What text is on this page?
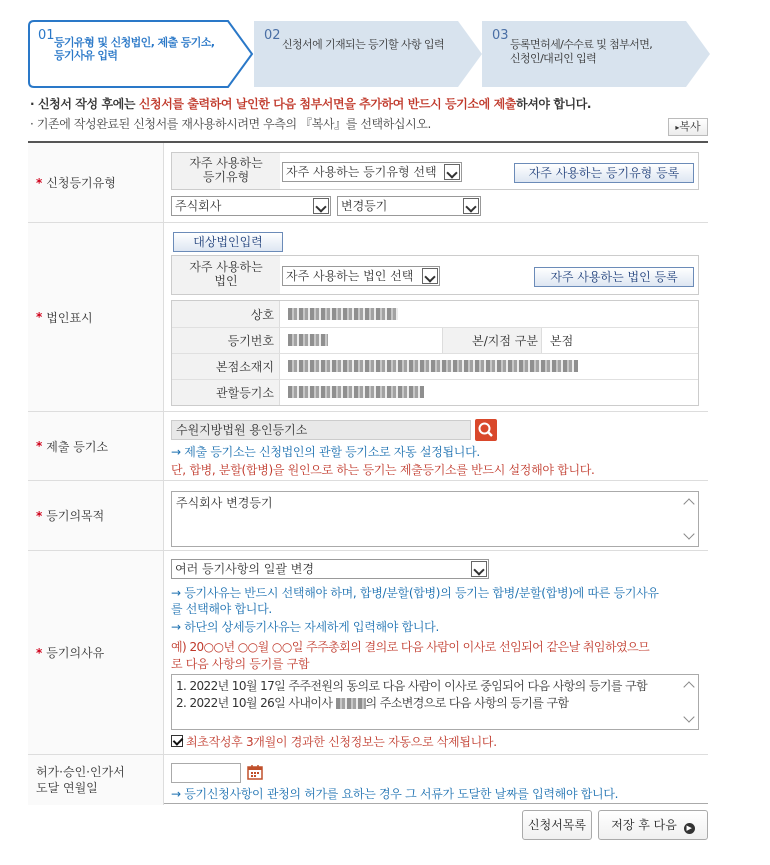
01 등기유형 및 신청법인, 제출 등기소,
등기사유 입력
02
신청서에 기재되는 등기할 사항 입력
03
등록면허세/수수료 및 첨부서면,
신청인/대리인 입력
· 신청서 작성 후에는 신청서를 출력하여 날인한 다음 첨부서면을 추가하여 반드시 등기소에 제출하셔야 합니다.
· 기존에 작성완료된 신청서를 재사용하시려면 우측의 『복사』를 선택하십시오.	▸복사
* 신청등기유형
자주 사용하는
등기유형	자주 사용하는 등기유형 선택	자주 사용하는 등기유형 등록
주식회사	변경등기
* 법인표시
대상법인입력
자주 사용하는
법인	자주 사용하는 법인 선택	자주 사용하는 법인 등록
상호
등기번호	본/지점 구분 본점
본점소재지
관할등기소
* 제출 등기소
수원지방법원 용인등기소
→ 제출 등기소는 신청법인의 관할 등기소로 자동 설정됩니다.
단, 합병, 분할(합병)을 원인으로 하는 등기는 제출등기소를 반드시 설정해야 합니다.
* 등기의목적
주식회사 변경등기
* 등기의사유
여러 등기사항의 일괄 변경
→ 등기사유는 반드시 선택해야 하며, 합병/분할(합병)의 등기는 합병/분할(합병)에 따른 등기사유
를 선택해야 합니다.
→ 하단의 상세등기사유는 자세하게 입력해야 합니다.
예) 20○○년 ○○월 ○○일 주주총회의 결의로 다음 사람이 이사로 선임되어 같은날 취임하였으므
로 다음 사항의 등기를 구함
1. 2022년 10월 17일 주주전원의 동의로 다음 사람이 이사로 중임되어 다음 사항의 등기를 구함
2. 2022년 10월 26일 사내이사	의 주소변경으로 다음 사항의 등기를 구함
최초작성후 3개월이 경과한 신청정보는 자동으로 삭제됩니다.
허가·승인·인가서
도달 연월일	→ 등기신청사항이 관청의 허가를 요하는 경우 그 서류가 도달한 날짜를 입력해야 합니다.
신청서목록	저장 후 다음 ▶
